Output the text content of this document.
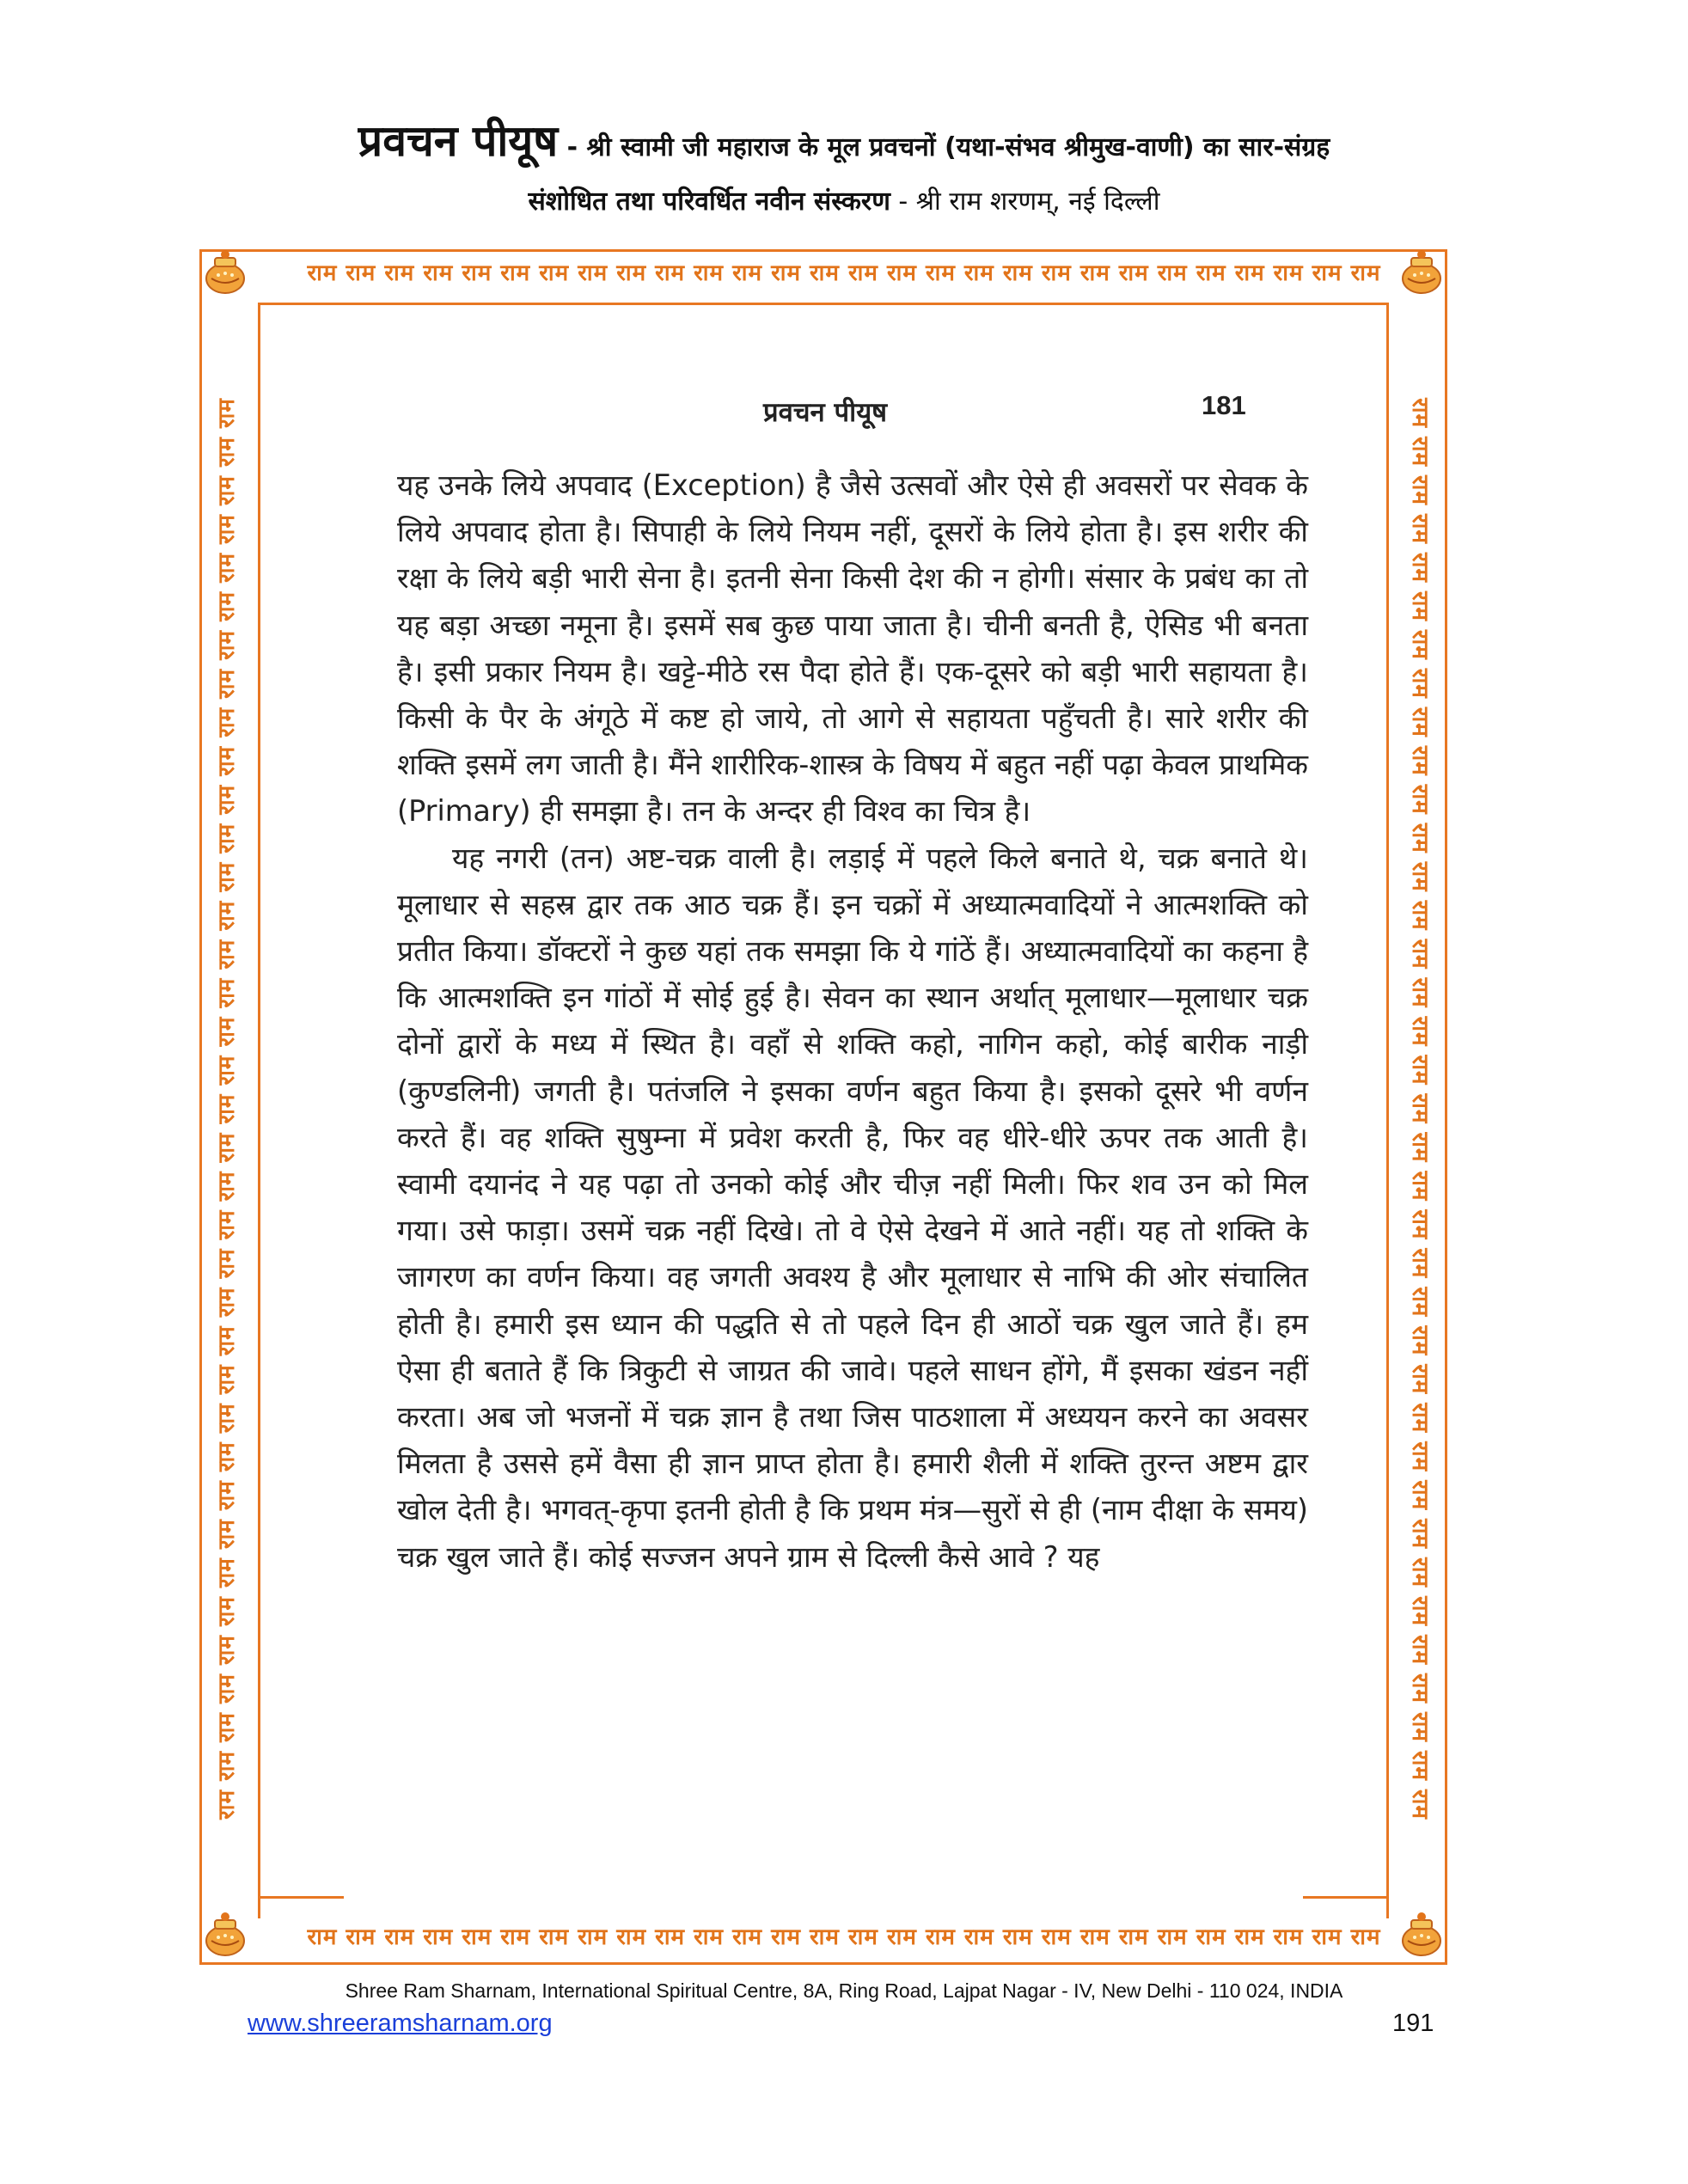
प्रवचन पीयूष - श्री स्वामी जी महाराज के मूल प्रवचनों (यथा-संभव श्रीमुख-वाणी) का सार-संग्रह
संशोधित तथा परिवर्धित नवीन संस्करण - श्री राम शरणम्, नई दिल्ली
राम राम राम राम राम राम राम राम राम राम राम राम राम राम राम राम राम राम राम राम राम राम राम राम राम राम राम राम
राम राम राम राम राम राम राम राम राम राम राम राम राम राम राम राम राम राम राम राम राम राम राम राम राम राम राम राम
राम राम राम राम राम राम राम राम राम राम राम राम राम राम राम राम राम राम राम राम राम राम राम राम राम राम राम राम राम राम राम राम राम राम राम राम राम	राम राम राम राम राम राम राम राम राम राम राम राम राम राम राम राम राम राम राम राम राम राम राम राम राम राम राम राम राम राम राम राम राम राम राम राम राम
प्रवचन पीयूष	181

यह उनके लिये अपवाद (Exception) है जैसे उत्सवों और ऐसे ही अवसरों पर सेवक के लिये अपवाद होता है। सिपाही के लिये नियम नहीं, दूसरों के लिये होता है। इस शरीर की रक्षा के लिये बड़ी भारी सेना है। इतनी सेना किसी देश की न होगी। संसार के प्रबंध का तो यह बड़ा अच्छा नमूना है। इसमें सब कुछ पाया जाता है। चीनी बनती है, ऐसिड भी बनता है। इसी प्रकार नियम है। खट्टे-मीठे रस पैदा होते हैं। एक-दूसरे को बड़ी भारी सहायता है। किसी के पैर के अंगूठे में कष्ट हो जाये, तो आगे से सहायता पहुँचती है। सारे शरीर की शक्ति इसमें लग जाती है। मैंने शारीरिक-शास्त्र के विषय में बहुत नहीं पढ़ा केवल प्राथमिक (Primary) ही समझा है। तन के अन्दर ही विश्व का चित्र है।

यह नगरी (तन) अष्ट-चक्र वाली है। लड़ाई में पहले किले बनाते थे, चक्र बनाते थे। मूलाधार से सहस्र द्वार तक आठ चक्र हैं। इन चक्रों में अध्यात्मवादियों ने आत्मशक्ति को प्रतीत किया। डॉक्टरों ने कुछ यहां तक समझा कि ये गांठें हैं। अध्यात्मवादियों का कहना है कि आत्मशक्ति इन गांठों में सोई हुई है। सेवन का स्थान अर्थात् मूलाधार—मूलाधार चक्र दोनों द्वारों के मध्य में स्थित है। वहाँ से शक्ति कहो, नागिन कहो, कोई बारीक नाड़ी (कुण्डलिनी) जगती है। पतंजलि ने इसका वर्णन बहुत किया है। इसको दूसरे भी वर्णन करते हैं। वह शक्ति सुषुम्ना में प्रवेश करती है, फिर वह धीरे-धीरे ऊपर तक आती है। स्वामी दयानंद ने यह पढ़ा तो उनको कोई और चीज़ नहीं मिली। फिर शव उन को मिल गया। उसे फाड़ा। उसमें चक्र नहीं दिखे। तो वे ऐसे देखने में आते नहीं। यह तो शक्ति के जागरण का वर्णन किया। वह जगती अवश्य है और मूलाधार से नाभि की ओर संचालित होती है। हमारी इस ध्यान की पद्धति से तो पहले दिन ही आठों चक्र खुल जाते हैं। हम ऐसा ही बताते हैं कि त्रिकुटी से जाग्रत की जावे। पहले साधन होंगे, मैं इसका खंडन नहीं करता। अब जो भजनों में चक्र ज्ञान है तथा जिस पाठशाला में अध्ययन करने का अवसर मिलता है उससे हमें वैसा ही ज्ञान प्राप्त होता है। हमारी शैली में शक्ति तुरन्त अष्टम द्वार खोल देती है। भगवत्-कृपा इतनी होती है कि प्रथम मंत्र—सुरों से ही (नाम दीक्षा के समय) चक्र खुल जाते हैं। कोई सज्जन अपने ग्राम से दिल्ली कैसे आवे ? यह

Shree Ram Sharnam, International Spiritual Centre, 8A, Ring Road, Lajpat Nagar - IV, New Delhi - 110 024, INDIA
www.shreeramsharnam.org	191
